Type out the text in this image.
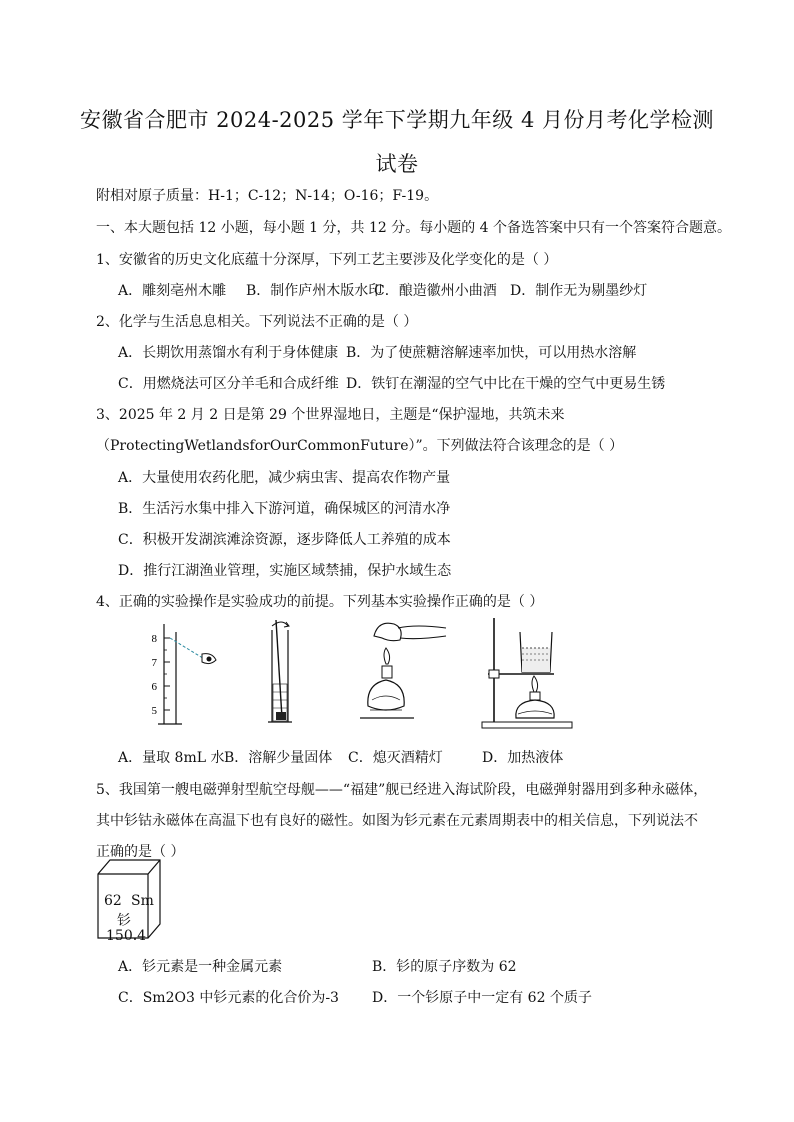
安徽省合肥市 2024-2025 学年下学期九年级 4 月份月考化学检测
试卷
附相对原子质量：H-1；C-12；N-14；O-16；F-19。
一、本大题包括 12 小题，每小题 1 分，共 12 分。每小题的 4 个备选答案中只有一个答案符合题意。
1、安徽省的历史文化底蕴十分深厚，下列工艺主要涉及化学变化的是（ ）
A．雕刻亳州木雕 B．制作庐州木版水印
C．酿造徽州小曲酒 D．制作无为剔墨纱灯
2、化学与生活息息相关。下列说法不正确的是（ ）
A．长期饮用蒸馏水有利于身体健康 B．为了使蔗糖溶解速率加快，可以用热水溶解
C．用燃烧法可区分羊毛和合成纤维 D．铁钉在潮湿的空气中比在干燥的空气中更易生锈
3、2025 年 2 月 2 日是第 29 个世界湿地日，主题是“保护湿地，共筑未来
（ProtectingWetlandsforOurCommonFuture）”。下列做法符合该理念的是（ ）
A．大量使用农药化肥，减少病虫害、提高农作物产量
B．生活污水集中排入下游河道，确保城区的河清水净
C．积极开发湖滨滩涂资源，逐步降低人工养殖的成本
D．推行江湖渔业管理，实施区域禁捕，保护水域生态
4、正确的实验操作是实验成功的前提。下列基本实验操作正确的是（ ）
8
7
6
5
A．量取 8mL 水 B．溶解少量固体 C．熄灭酒精灯	D．加热液体
5、我国第一艘电磁弹射型航空母舰——“福建”舰已经进入海试阶段，电磁弹射器用到多种永磁体，
其中钐钴永磁体在高温下也有良好的磁性。如图为钐元素在元素周期表中的相关信息，下列说法不
正确的是（ ）
62 Sm
钐
150.4
A．钐元素是一种金属元素	B．钐的原子序数为 62
C．Sm2O3 中钐元素的化合价为-3 D．一个钐原子中一定有 62 个质子
